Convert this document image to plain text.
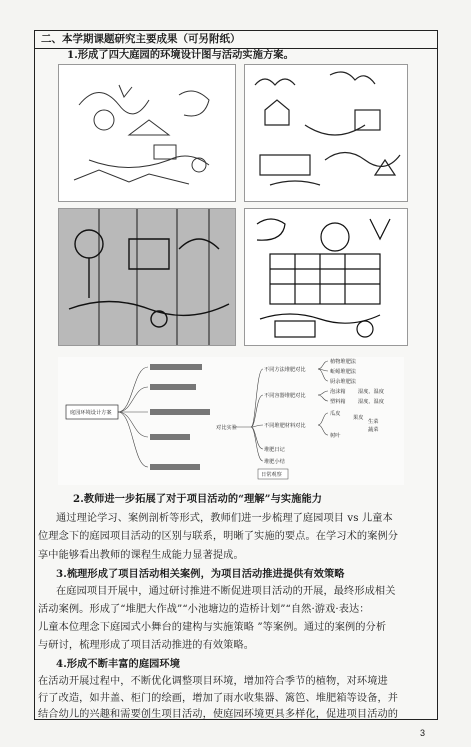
二、本学期课题研究主要成果（可另附纸）
1.形成了四大庭园的环境设计图与活动实施方案。
庭园环境设计方案
对比实验
不同方法堆肥对比
不同容器堆肥对比
不同堆肥材料对比
堆肥日记
堆肥小结
植物堆肥法
蚯蚓堆肥法
厨余堆肥法
泡沫箱
塑料箱
湿度、温度
湿度、温度
瓜皮
果皮
生菜
蔬菜
树叶
日常观察
2.教师进一步拓展了对于项目活动的“理解”与实施能力
通过理论学习、案例剖析等形式，教师们进一步梳理了庭园项目 vs 儿童本
位理念下的庭园项目活动的区别与联系，明晰了实施的要点。在学习术的案例分
享中能够看出教师的课程生成能力显著提成。
3.梳理形成了项目活动相关案例，为项目活动推进提供有效策略
在庭园项目开展中，通过研讨推进不断促进项目活动的开展，最终形成相关
活动案例。形成了“堆肥大作战”“小池塘边的造桥计划”“自然·游戏·表达：
儿童本位理念下庭园式小舞台的建构与实施策略 ”等案例。通过的案例的分析
与研讨，梳理形成了项目活动推进的有效策略。
4.形成不断丰富的庭园环境
在活动开展过程中，不断优化调整项目环境，增加符合季节的植物，对环境进
行了改造，如井盖、柜门的绘画，增加了雨水收集器、篱笆、堆肥箱等设备，并
结合幼儿的兴趣和需要创生项目活动，使庭园环境更具多样化，促进项目活动的
3
